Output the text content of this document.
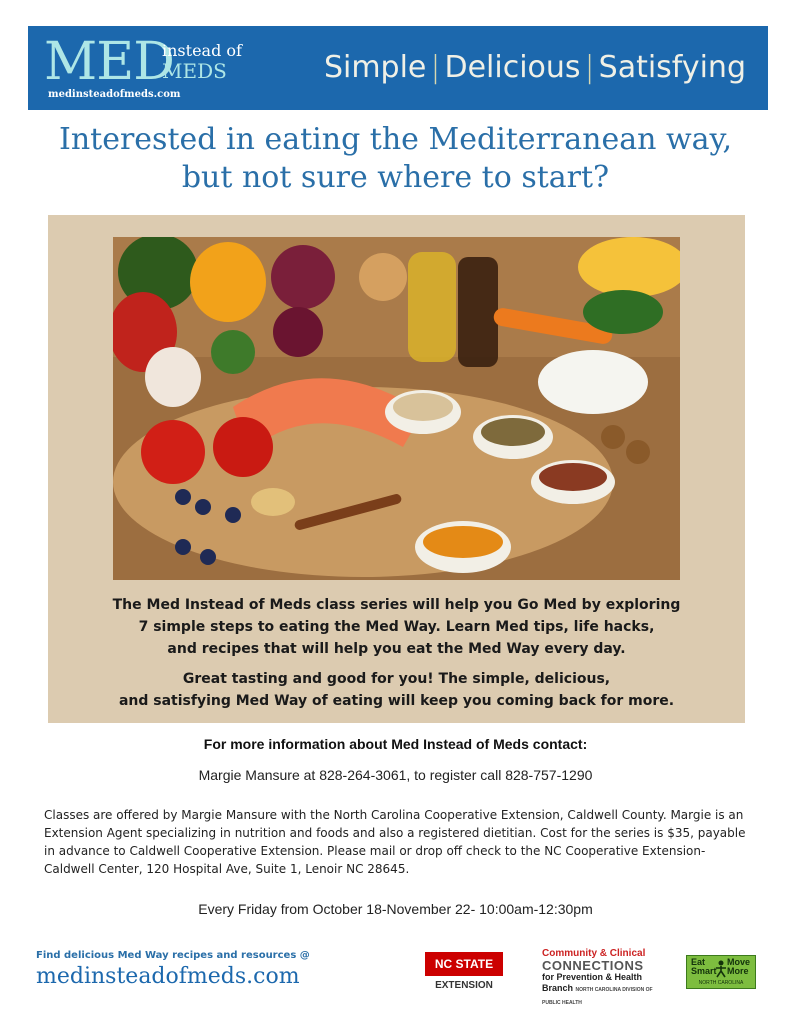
MED
instead of
MEDS
medinsteadofmeds.com
Simple | Delicious | Satisfying
Interested in eating the Mediterranean way,
but not sure where to start?
The Med Instead of Meds class series will help you Go Med by exploring
7 simple steps to eating the Med Way. Learn Med tips, life hacks,
and recipes that will help you eat the Med Way every day.
Great tasting and good for you! The simple, delicious,
and satisfying Med Way of eating will keep you coming back for more.
For more information about Med Instead of Meds contact:
Margie Mansure at 828-264-3061, to register call 828-757-1290
Classes are offered by Margie Mansure with the North Carolina Cooperative Extension, Caldwell County. Margie is an Extension Agent specializing in nutrition and foods and also a registered dietitian. Cost for the series is $35, payable in advance to Caldwell Cooperative Extension. Please mail or drop off check to the NC Cooperative Extension- Caldwell Center, 120 Hospital Ave, Suite 1, Lenoir NC 28645.
Every Friday from October 18-November 22- 10:00am-12:30pm
Find delicious Med Way recipes and resources @
medinsteadofmeds.com	NC STATE
EXTENSION
Community & Clinical
CONNECTIONS
for Prevention & Health
Branch NORTH CAROLINA DIVISION OF PUBLIC HEALTH
Eat Smart
Move More
NORTH CAROLINA
